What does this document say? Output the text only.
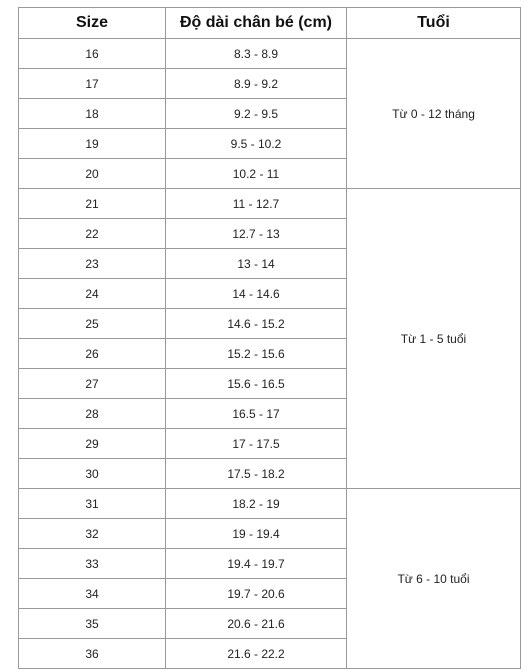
Size	Độ dài chân bé (cm)	Tuổi
16	8.3 - 8.9	Từ 0 - 12 tháng
17	8.9 - 9.2	
18	9.2 - 9.5	
19	9.5 - 10.2	
20	10.2 - 11	
21	11 - 12.7	Từ 1 - 5 tuổi
22	12.7 - 13	
23	13 - 14	
24	14 - 14.6	
25	14.6 - 15.2	
26	15.2 - 15.6	
27	15.6 - 16.5	
28	16.5 - 17	
29	17 - 17.5	
30	17.5 - 18.2	
31	18.2 - 19	Từ 6 - 10 tuổi
32	19 - 19.4	
33	19.4 - 19.7	
34	19.7 - 20.6	
35	20.6 - 21.6	
36	21.6 - 22.2	
